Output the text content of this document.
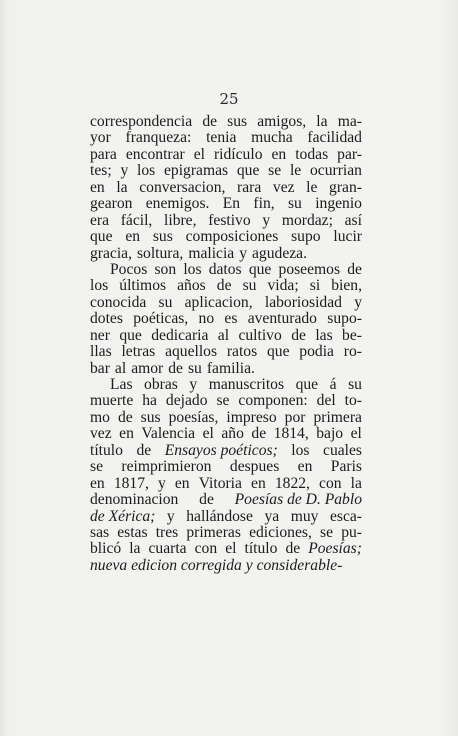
25
correspondencia de sus amigos, la ma-
yor franqueza: tenia mucha facilidad
para encontrar el ridículo en todas par-
tes; y los epigramas que se le ocurrian
en la conversacion, rara vez le gran-
gearon enemigos. En fin, su ingenio
era fácil, libre, festivo y mordaz; así
que en sus composiciones supo lucir
gracia, soltura, malicia y agudeza.
Pocos son los datos que poseemos de
los últimos años de su vida; si bien,
conocida su aplicacion, laboriosidad y
dotes poéticas, no es aventurado supo-
ner que dedicaria al cultivo de las be-
llas letras aquellos ratos que podia ro-
bar al amor de su familia.
Las obras y manuscritos que á su
muerte ha dejado se componen: del to-
mo de sus poesías, impreso por primera
vez en Valencia el año de 1814, bajo el
título de Ensayos poéticos; los cuales
se reimprimieron despues en Paris
en 1817, y en Vitoria en 1822, con la
denominacion de Poesías de D. Pablo
de Xérica; y hallándose ya muy esca-
sas estas tres primeras ediciones, se pu-
blicó la cuarta con el título de Poesías;
nueva edicion corregida y considerable-
